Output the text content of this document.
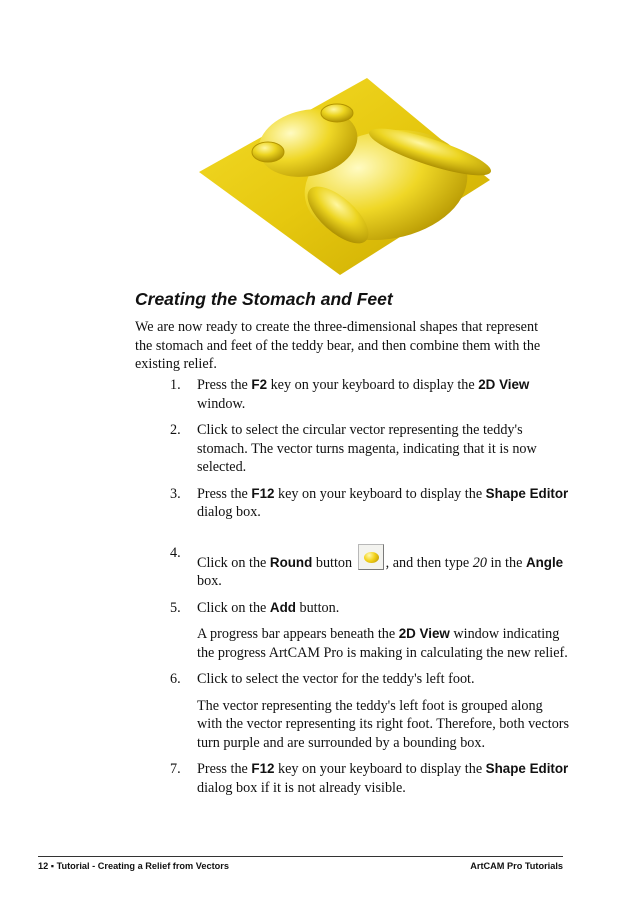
Creating the Stomach and Feet

We are now ready to create the three-dimensional shapes that represent the stomach and feet of the teddy bear, and then combine them with the existing relief.

1. Press the F2 key on your keyboard to display the 2D View window.
2. Click to select the circular vector representing the teddy's stomach. The vector turns magenta, indicating that it is now selected.
3. Press the F12 key on your keyboard to display the Shape Editor dialog box.
4.
Click on the Round button
, and then type 20 in the Angle box.
5. Click on the Add button.
A progress bar appears beneath the 2D View window indicating the progress ArtCAM Pro is making in calculating the new relief.
6. Click to select the vector for the teddy's left foot.
The vector representing the teddy's left foot is grouped along with the vector representing its right foot. Therefore, both vectors turn purple and are surrounded by a bounding box.
7. Press the F12 key on your keyboard to display the Shape Editor dialog box if it is not already visible.
12 ▪ Tutorial - Creating a Relief from Vectors	ArtCAM Pro Tutorials
